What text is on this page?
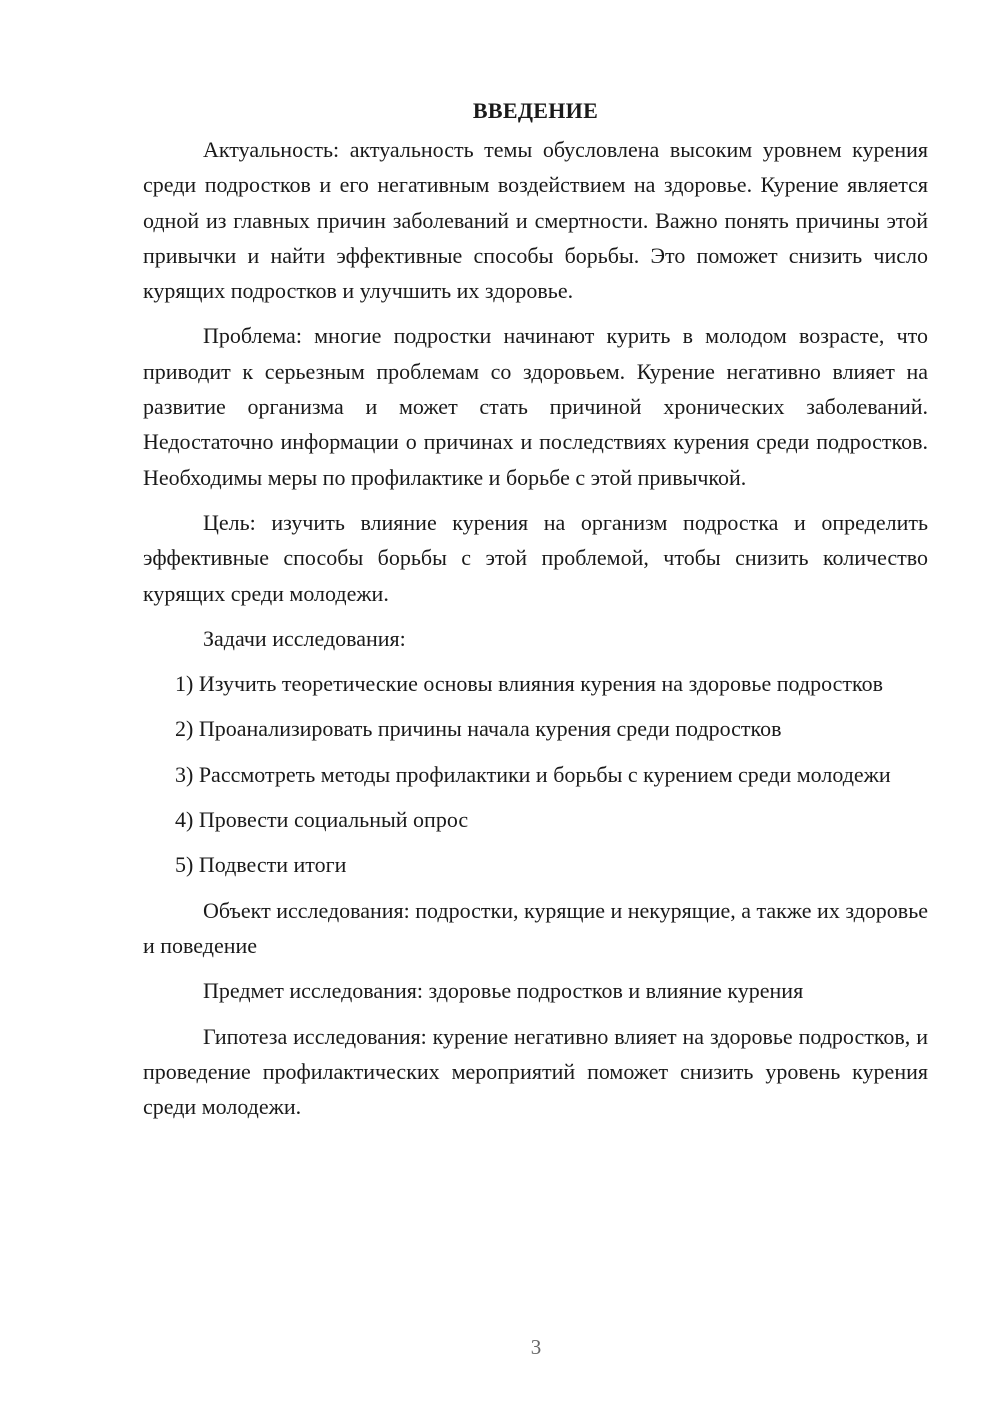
ВВЕДЕНИЕ

Актуальность: актуальность темы обусловлена высоким уровнем курения среди подростков и его негативным воздействием на здоровье. Курение является одной из главных причин заболеваний и смертности. Важно понять причины этой привычки и найти эффективные способы борьбы. Это поможет снизить число курящих подростков и улучшить их здоровье.

Проблема: многие подростки начинают курить в молодом возрасте, что приводит к серьезным проблемам со здоровьем. Курение негативно влияет на развитие организма и может стать причиной хронических заболеваний. Недостаточно информации о причинах и последствиях курения среди подростков. Необходимы меры по профилактике и борьбе с этой привычкой.

Цель: изучить влияние курения на организм подростка и определить эффективные способы борьбы с этой проблемой, чтобы снизить количество курящих среди молодежи.

Задачи исследования:

1) Изучить теоретические основы влияния курения на здоровье подростков

2) Проанализировать причины начала курения среди подростков

3) Рассмотреть методы профилактики и борьбы с курением среди молодежи

4) Провести социальный опрос

5) Подвести итоги

Объект исследования: подростки, курящие и некурящие, а также их здоровье и поведение

Предмет исследования: здоровье подростков и влияние курения

Гипотеза исследования: курение негативно влияет на здоровье подростков, и проведение профилактических мероприятий поможет снизить уровень курения среди молодежи.

3
